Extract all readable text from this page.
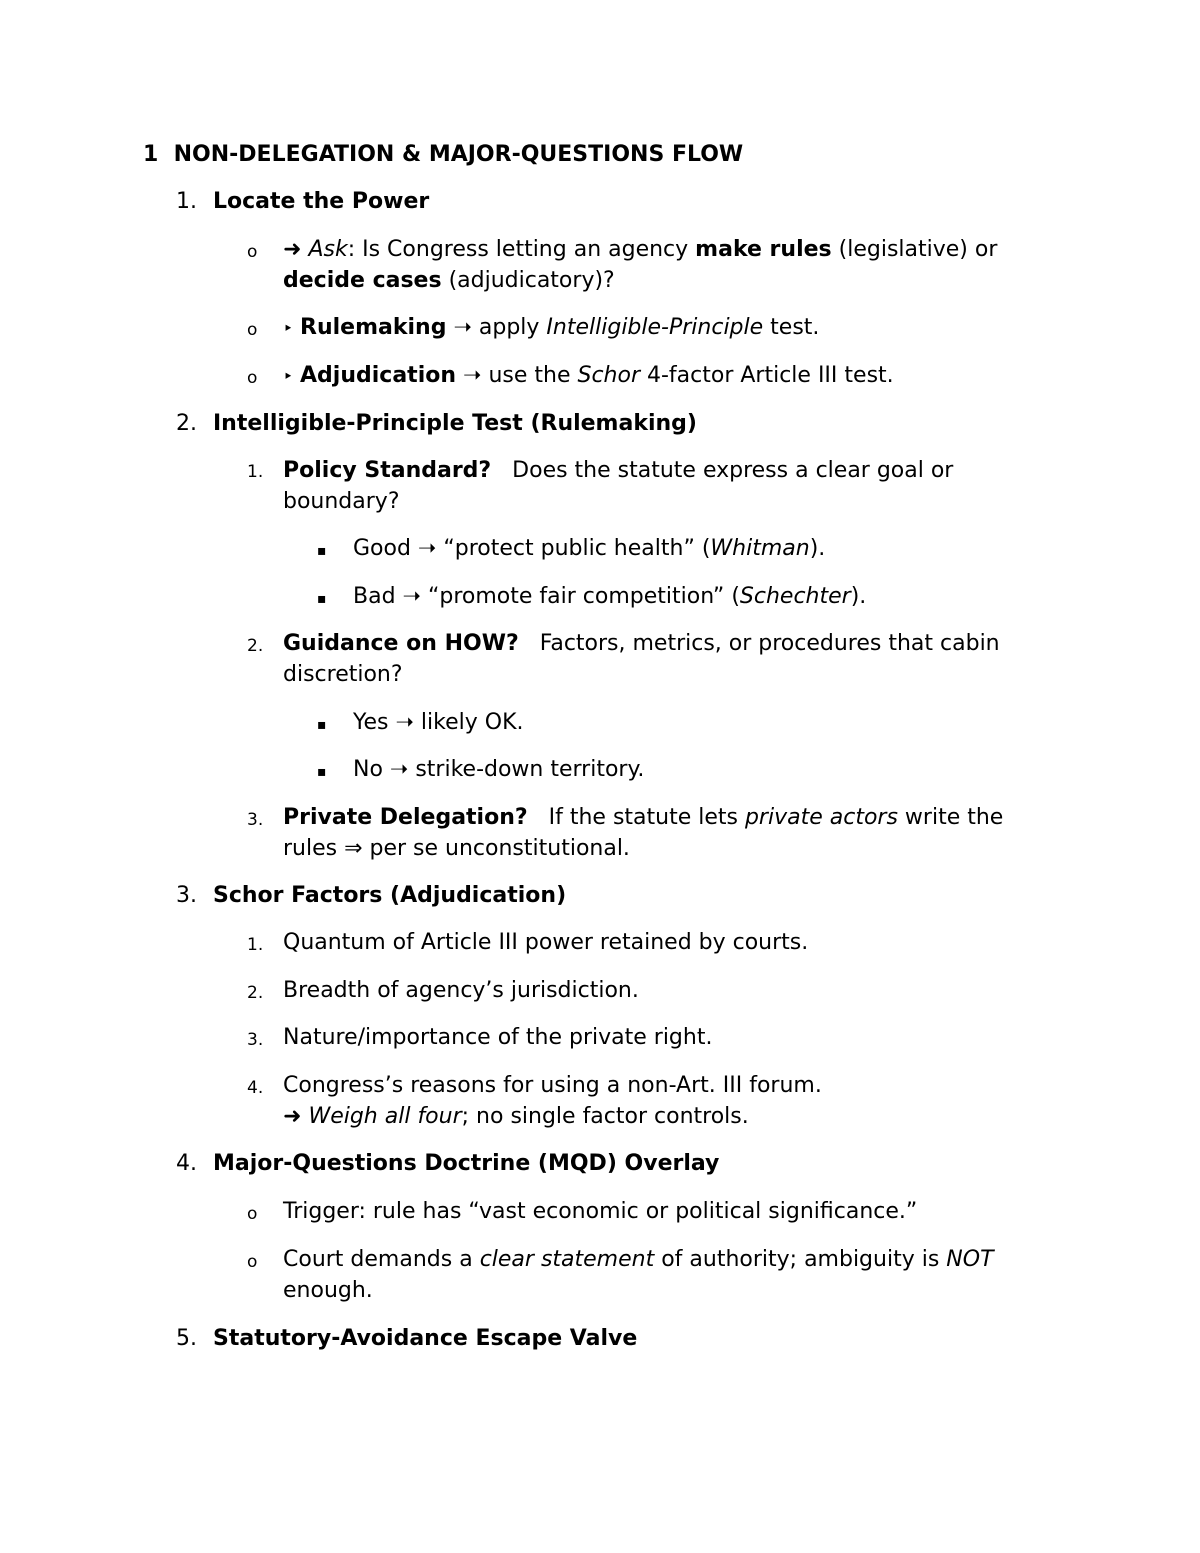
1 NON-DELEGATION & MAJOR-QUESTIONS FLOW
1. Locate the Power
o ➜ Ask: Is Congress letting an agency make rules (legislative) or
decide cases (adjudicatory)?
o ‣ Rulemaking ➝ apply Intelligible-Principle test.
o ‣ Adjudication ➝ use the Schor 4-factor Article III test.
2. Intelligible-Principle Test (Rulemaking)
1. Policy Standard?   Does the statute express a clear goal or
boundary?
▪ Good ➝ “protect public health” (Whitman).
▪ Bad ➝ “promote fair competition” (Schechter).
2. Guidance on HOW?   Factors, metrics, or procedures that cabin
discretion?
▪ Yes ➝ likely OK.
▪ No ➝ strike-down territory.
3. Private Delegation?   If the statute lets private actors write the
rules ⇒ per se unconstitutional.
3. Schor Factors (Adjudication)
1. Quantum of Article III power retained by courts.
2. Breadth of agency’s jurisdiction.
3. Nature/importance of the private right.
4. Congress’s reasons for using a non-Art. III forum.
➜ Weigh all four; no single factor controls.
4. Major-Questions Doctrine (MQD) Overlay
o Trigger: rule has “vast economic or political significance.”
o Court demands a clear statement of authority; ambiguity is NOT
enough.
5. Statutory-Avoidance Escape Valve
